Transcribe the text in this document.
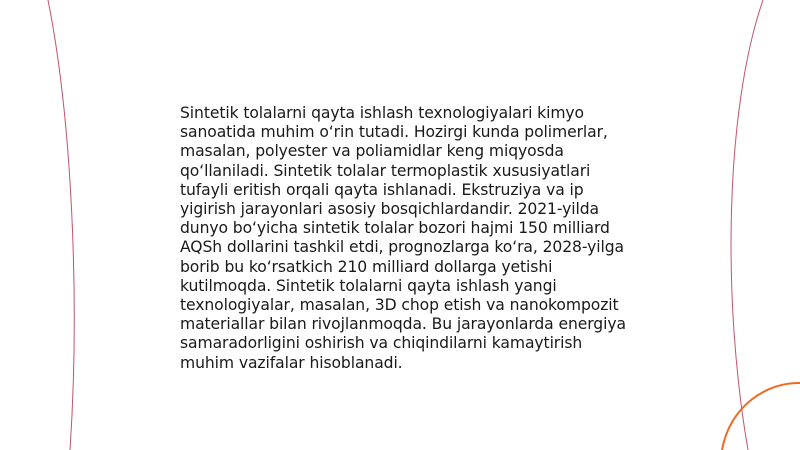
Sintetik tolalarni qayta ishlash texnologiyalari kimyo sanoatida muhim o‘rin tutadi. Hozirgi kunda polimerlar, masalan, polyester va poliamidlar keng miqyosda qo‘llaniladi. Sintetik tolalar termoplastik xususiyatlari tufayli eritish orqali qayta ishlanadi. Ekstruziya va ip yigirish jarayonlari asosiy bosqichlardandir. 2021-yilda dunyo bo‘yicha sintetik tolalar bozori hajmi 150 milliard AQSh dollarini tashkil etdi, prognozlarga ko‘ra, 2028-yilga borib bu ko‘rsatkich 210 milliard dollarga yetishi kutilmoqda. Sintetik tolalarni qayta ishlash yangi texnologiyalar, masalan, 3D chop etish va nanokompozit materiallar bilan rivojlanmoqda. Bu jarayonlarda energiya samaradorligini oshirish va chiqindilarni kamaytirish muhim vazifalar hisoblanadi.
